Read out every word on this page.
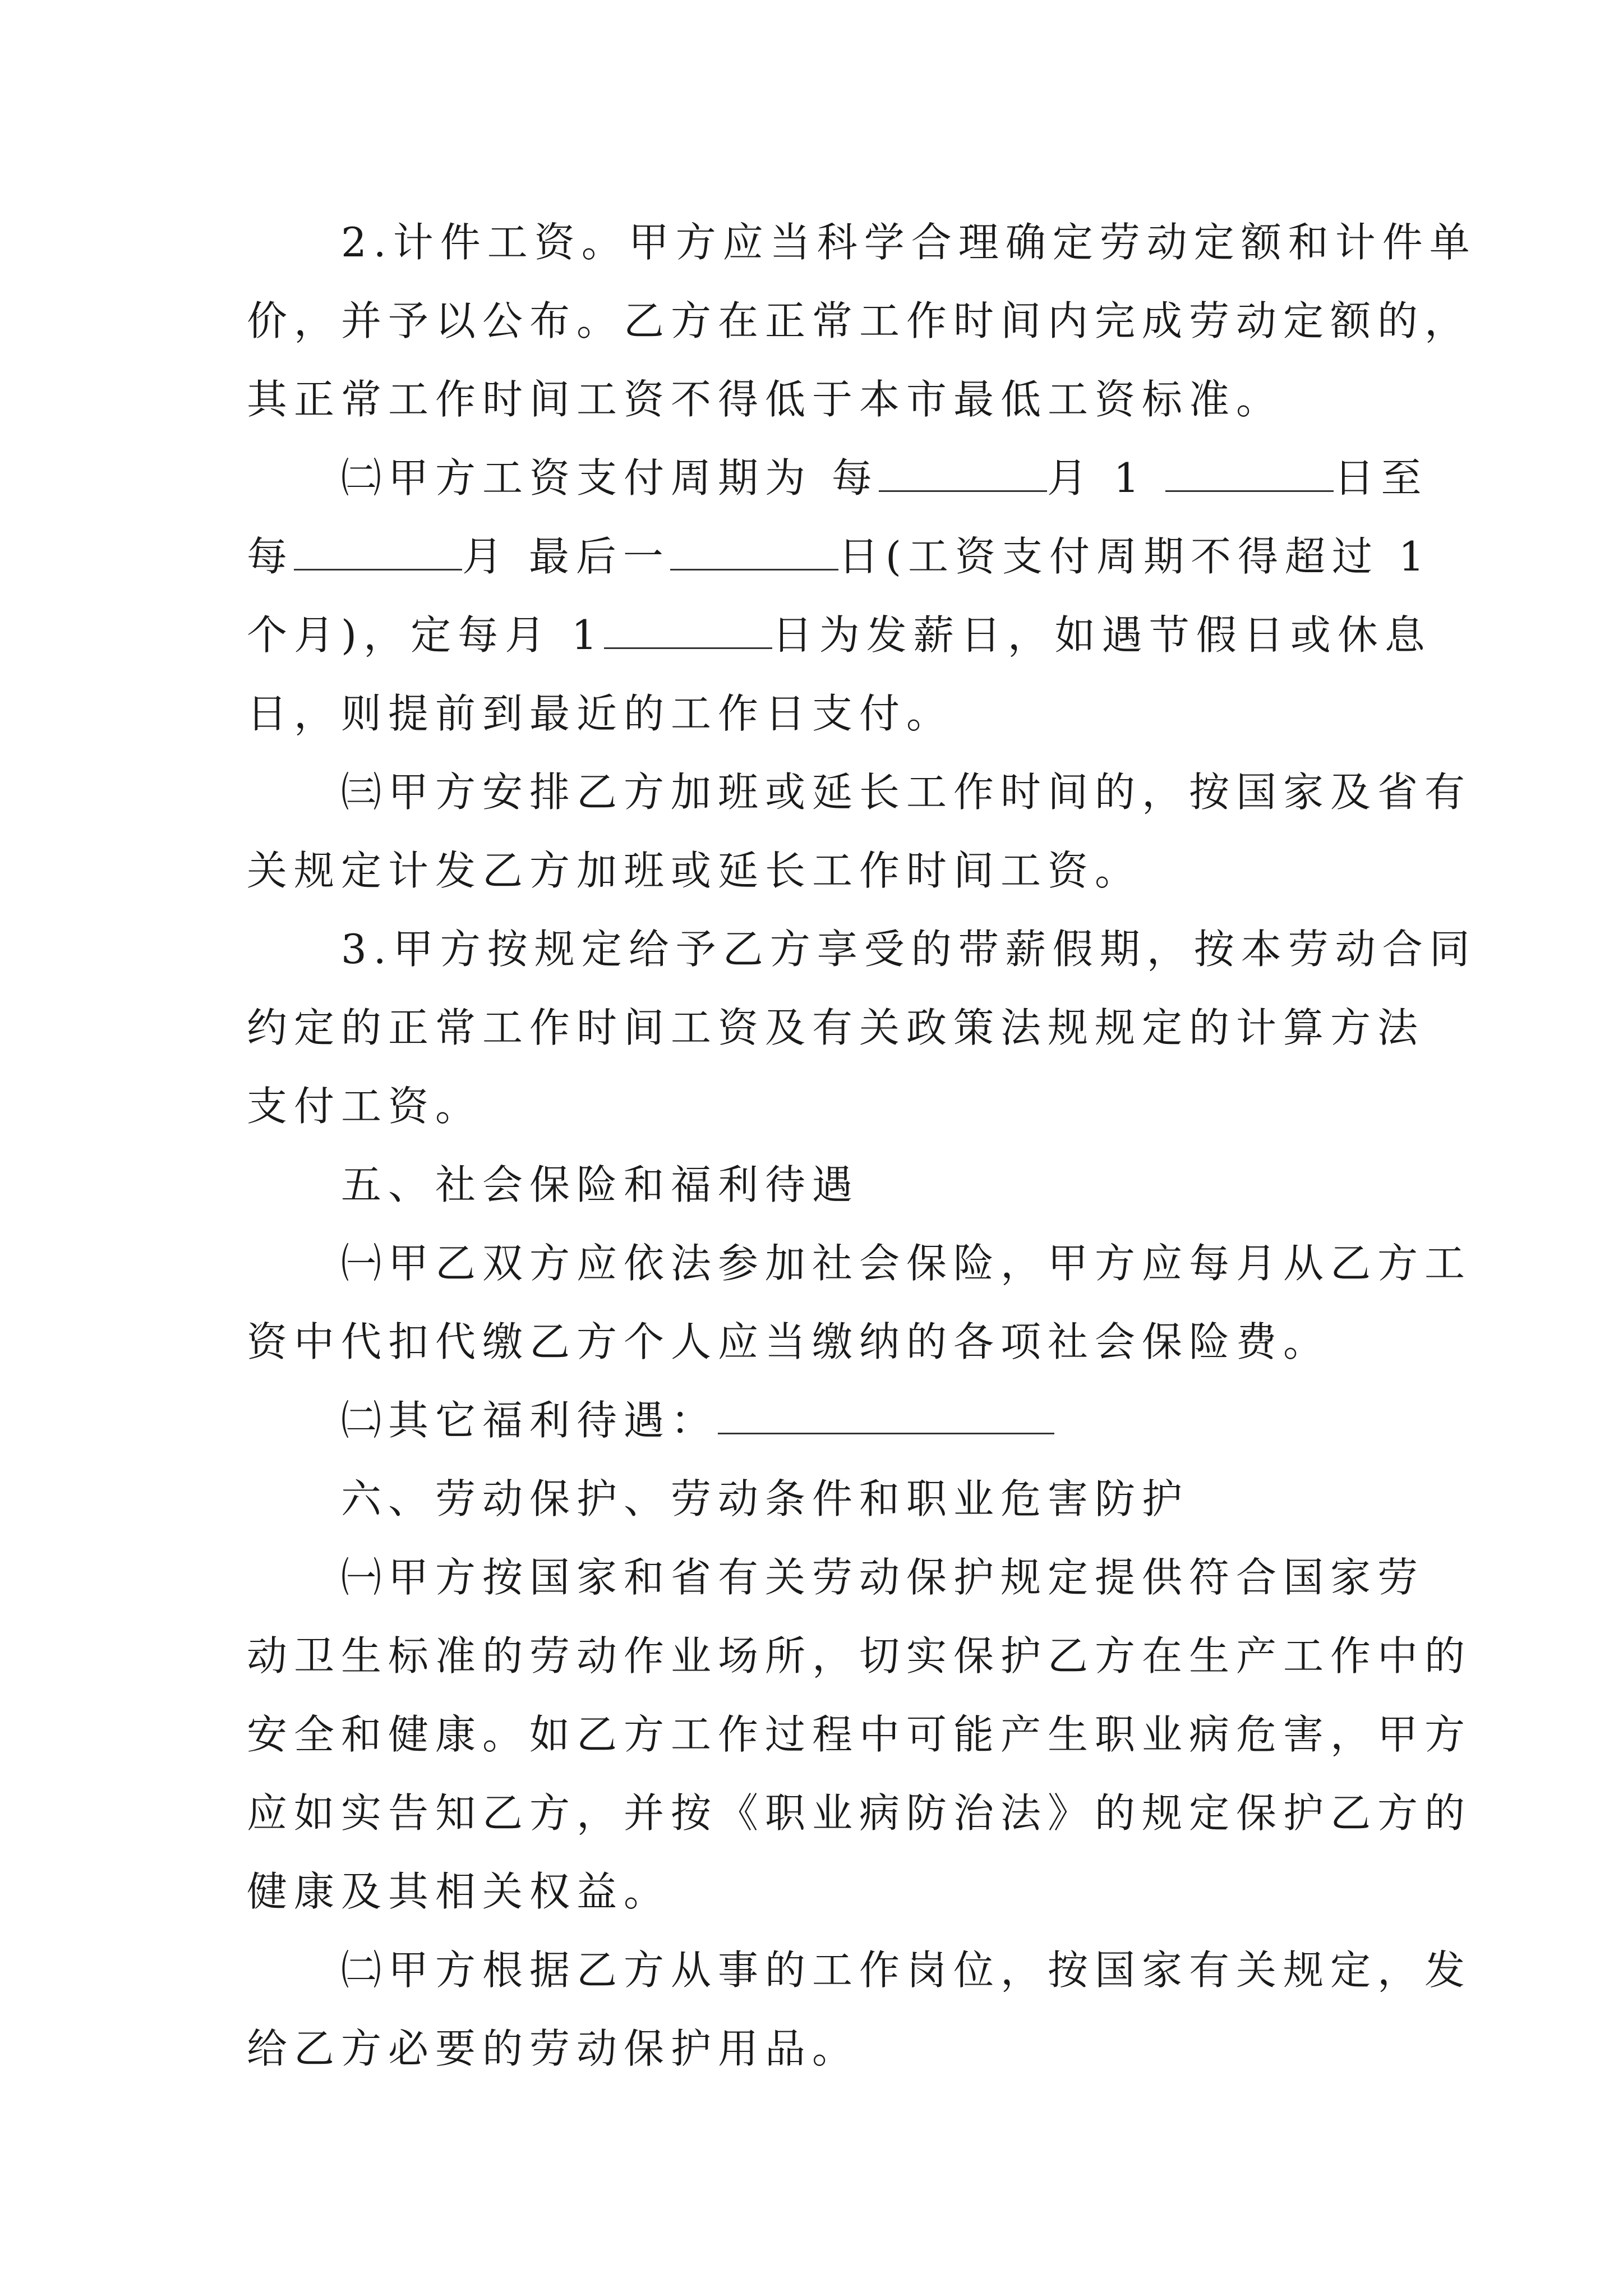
　　2.计件工资。甲方应当科学合理确定劳动定额和计件单
价，并予以公布。乙方在正常工作时间内完成劳动定额的，
其正常工作时间工资不得低于本市最低工资标准。
　　㈡甲方工资支付周期为 每	月 1	日至
每	月 最后一	日(工资支付周期不得超过 1
个月)，定每月 1	日为发薪日，如遇节假日或休息
日，则提前到最近的工作日支付。
　　㈢甲方安排乙方加班或延长工作时间的，按国家及省有
关规定计发乙方加班或延长工作时间工资。
　　3.甲方按规定给予乙方享受的带薪假期，按本劳动合同
约定的正常工作时间工资及有关政策法规规定的计算方法
支付工资。
　　五、社会保险和福利待遇
　　㈠甲乙双方应依法参加社会保险，甲方应每月从乙方工
资中代扣代缴乙方个人应当缴纳的各项社会保险费。
　　㈡其它福利待遇：
　　六、劳动保护、劳动条件和职业危害防护
　　㈠甲方按国家和省有关劳动保护规定提供符合国家劳
动卫生标准的劳动作业场所，切实保护乙方在生产工作中的
安全和健康。如乙方工作过程中可能产生职业病危害，甲方
应如实告知乙方，并按《职业病防治法》的规定保护乙方的
健康及其相关权益。
　　㈡甲方根据乙方从事的工作岗位，按国家有关规定，发
给乙方必要的劳动保护用品。
